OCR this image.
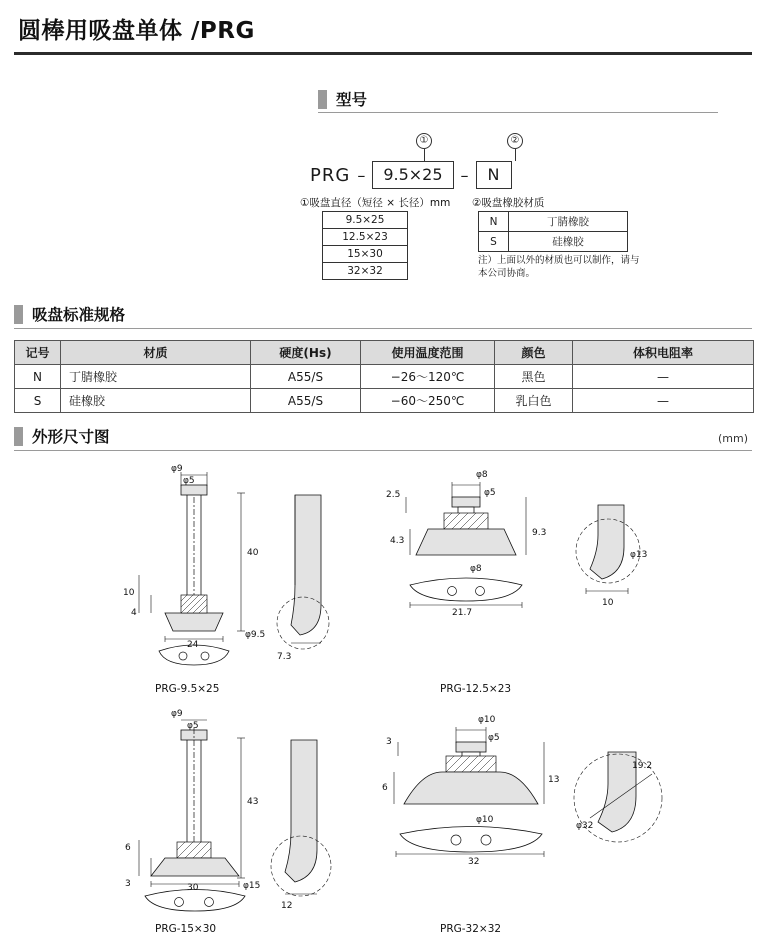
圆棒用吸盘单体 /PRG
型号
①	②
PRG –	9.5×25	–	N
①吸盘直径（短径 × 长径）mm
9.5×25
12.5×23
15×30
32×32
②吸盘橡胶材质
N	丁腈橡胶
S	硅橡胶
注）上面以外的材质也可以制作，请与本公司协商。
吸盘标准规格
记号	材质	硬度(Hs)	使用温度范围	颜色	体积电阻率
N	丁腈橡胶	A55/S	−26～120℃	黑色	—
S	硅橡胶	A55/S	−60～250℃	乳白色	—
外形尺寸图	(mm)
φ9
φ5
40
10
4
24
φ9.5
7.3
PRG-9.5×25
φ8
φ5
2.5
4.3
9.3
φ8
21.7
φ13
10
PRG-12.5×23
φ9
φ5
43
6
3	30	φ15
12
PRG-15×30
φ10
φ5
3
6
13
φ10
32
19.2
φ32
PRG-32×32
